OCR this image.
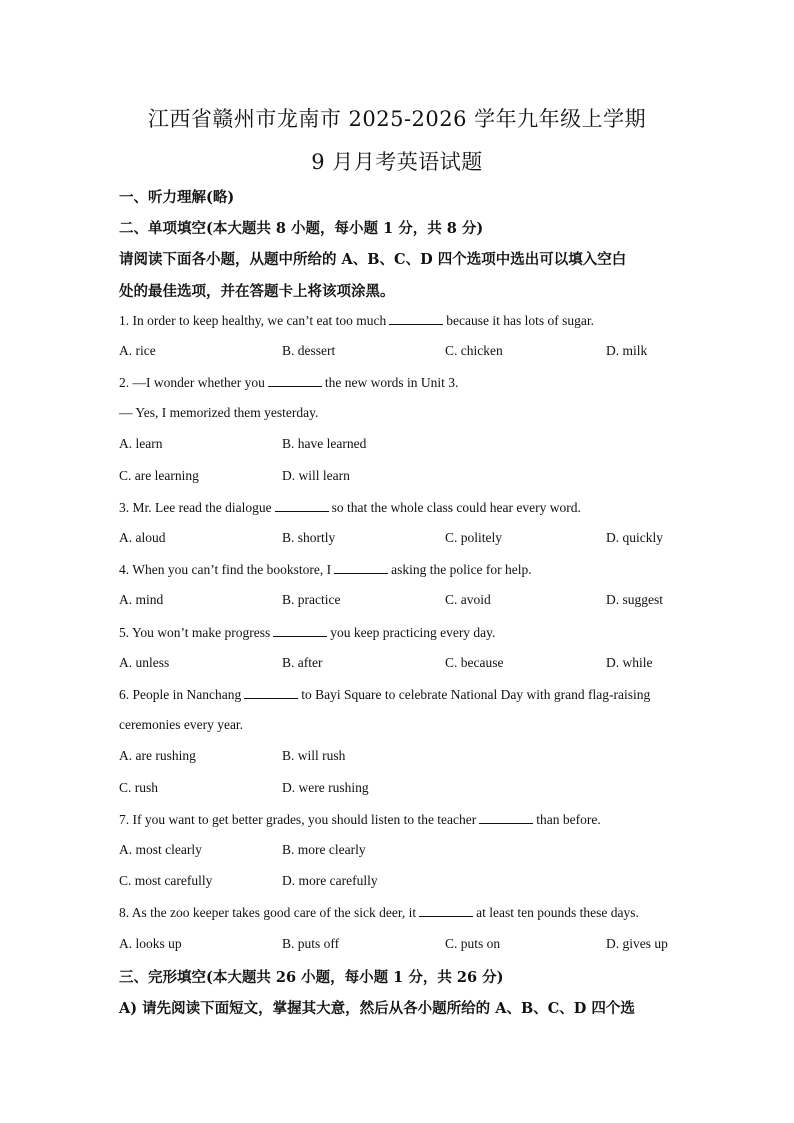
江西省赣州市龙南市 2025-2026 学年九年级上学期
9 月月考英语试题
一、听力理解(略)
二、单项填空(本大题共 8 小题，每小题 1 分，共 8 分)
请阅读下面各小题，从题中所给的 A、B、C、D 四个选项中选出可以填入空白
处的最佳选项，并在答题卡上将该项涂黑。
1. In order to keep healthy, we can’t eat too much	because it has lots of sugar.
A. rice	B. dessert	C. chicken	D. milk
2. —I wonder whether you	the new words in Unit 3.
— Yes, I memorized them yesterday.
A. learn	B. have learned
C. are learning	D. will learn
3. Mr. Lee read the dialogue	so that the whole class could hear every word.
A. aloud	B. shortly	C. politely	D. quickly
4. When you can’t find the bookstore, I	asking the police for help.
A. mind	B. practice	C. avoid	D. suggest
5. You won’t make progress	you keep practicing every day.
A. unless	B. after	C. because	D. while
6. People in Nanchang	to Bayi Square to celebrate National Day with grand flag-raising
ceremonies every year.
A. are rushing	B. will rush
C. rush	D. were rushing
7. If you want to get better grades, you should listen to the teacher	than before.
A. most clearly	B. more clearly
C. most carefully	D. more carefully
8. As the zoo keeper takes good care of the sick deer, it	at least ten pounds these days.
A. looks up	B. puts off	C. puts on	D. gives up
三、完形填空(本大题共 26 小题，每小题 1 分，共 26 分)
A) 请先阅读下面短文，掌握其大意，然后从各小题所给的 A、B、C、D 四个选
